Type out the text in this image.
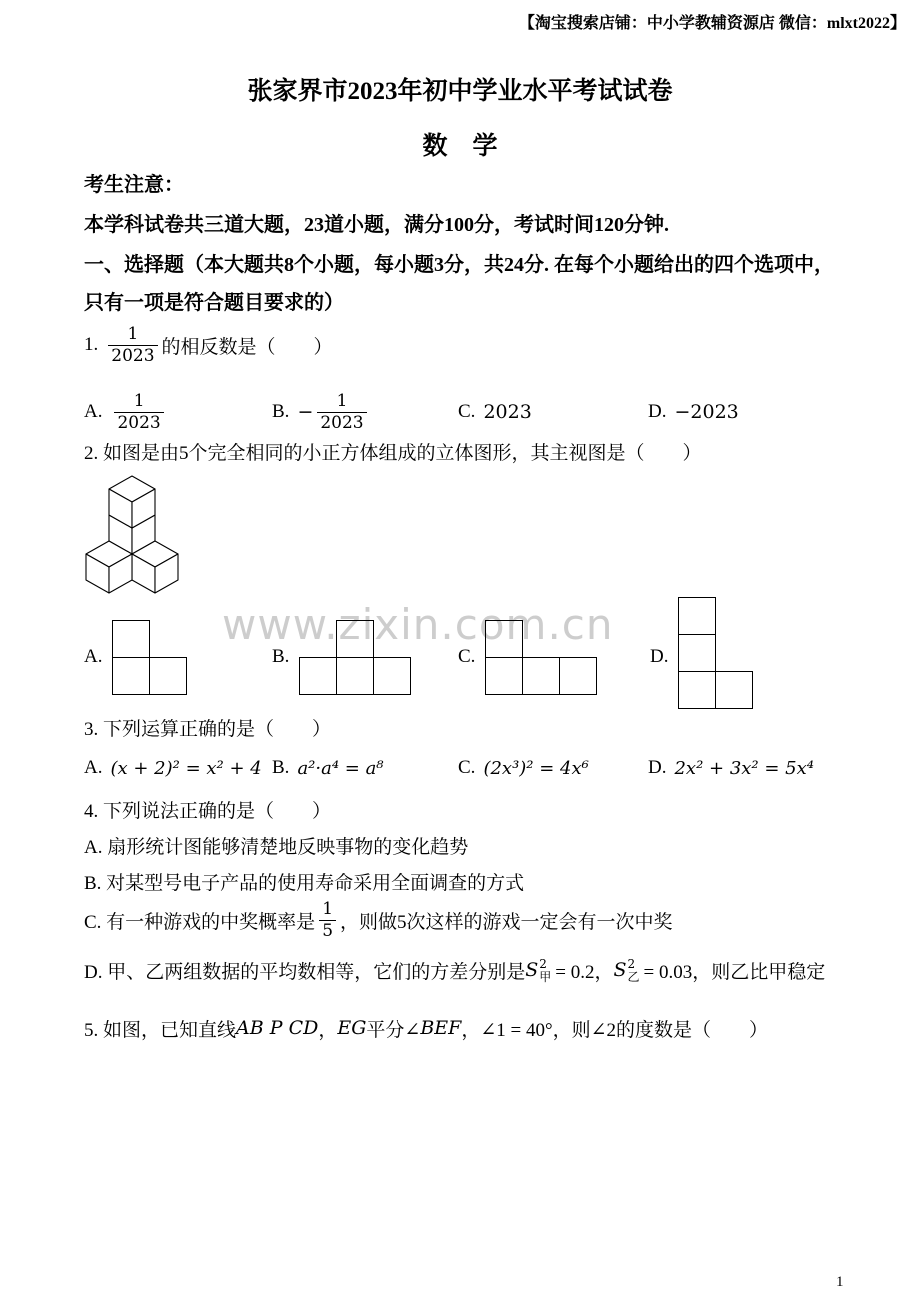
【淘宝搜索店铺：中小学教辅资源店 微信：mlxt2022】
张家界市2023年初中学业水平考试试卷
数　学
考生注意：
本学科试卷共三道大题，23道小题，满分100分，考试时间120分钟.
一、选择题（本大题共8个小题，每小题3分，共24分. 在每个小题给出的四个选项中，
只有一项是符合题目要求的）
1. $\frac{1}{2023}$ 的相反数是（　　）
A. $\frac{1}{2023}$	B. − $\frac{1}{2023}$	C. 2023	D. −2023
2. 如图是由5个完全相同的小正方体组成的立体图形，其主视图是（　　）
www.zixin.com.cn
A.	B.	C.	D.
3. 下列运算正确的是（　　）
A. (x + 2)² = x² + 4 B. a²·a⁴ = a⁸	C. (2x³)² = 4x⁶	D. 2x² + 3x² = 5x⁴
4. 下列说法正确的是（　　）
A. 扇形统计图能够清楚地反映事物的变化趋势
B. 对某型号电子产品的使用寿命采用全面调查的方式
C. 有一种游戏的中奖概率是 $\frac{1}{5}$ ，则做5次这样的游戏一定会有一次中奖
D. 甲、乙两组数据的平均数相等，它们的方差分别是 S 2
甲 = 0.2， S 2
乙 = 0.03，则乙比甲稳定
5. 如图，已知直线 AB P CD ， EG 平分∠ BEF ，∠1 = 40°，则∠2的度数是（　　）
1
